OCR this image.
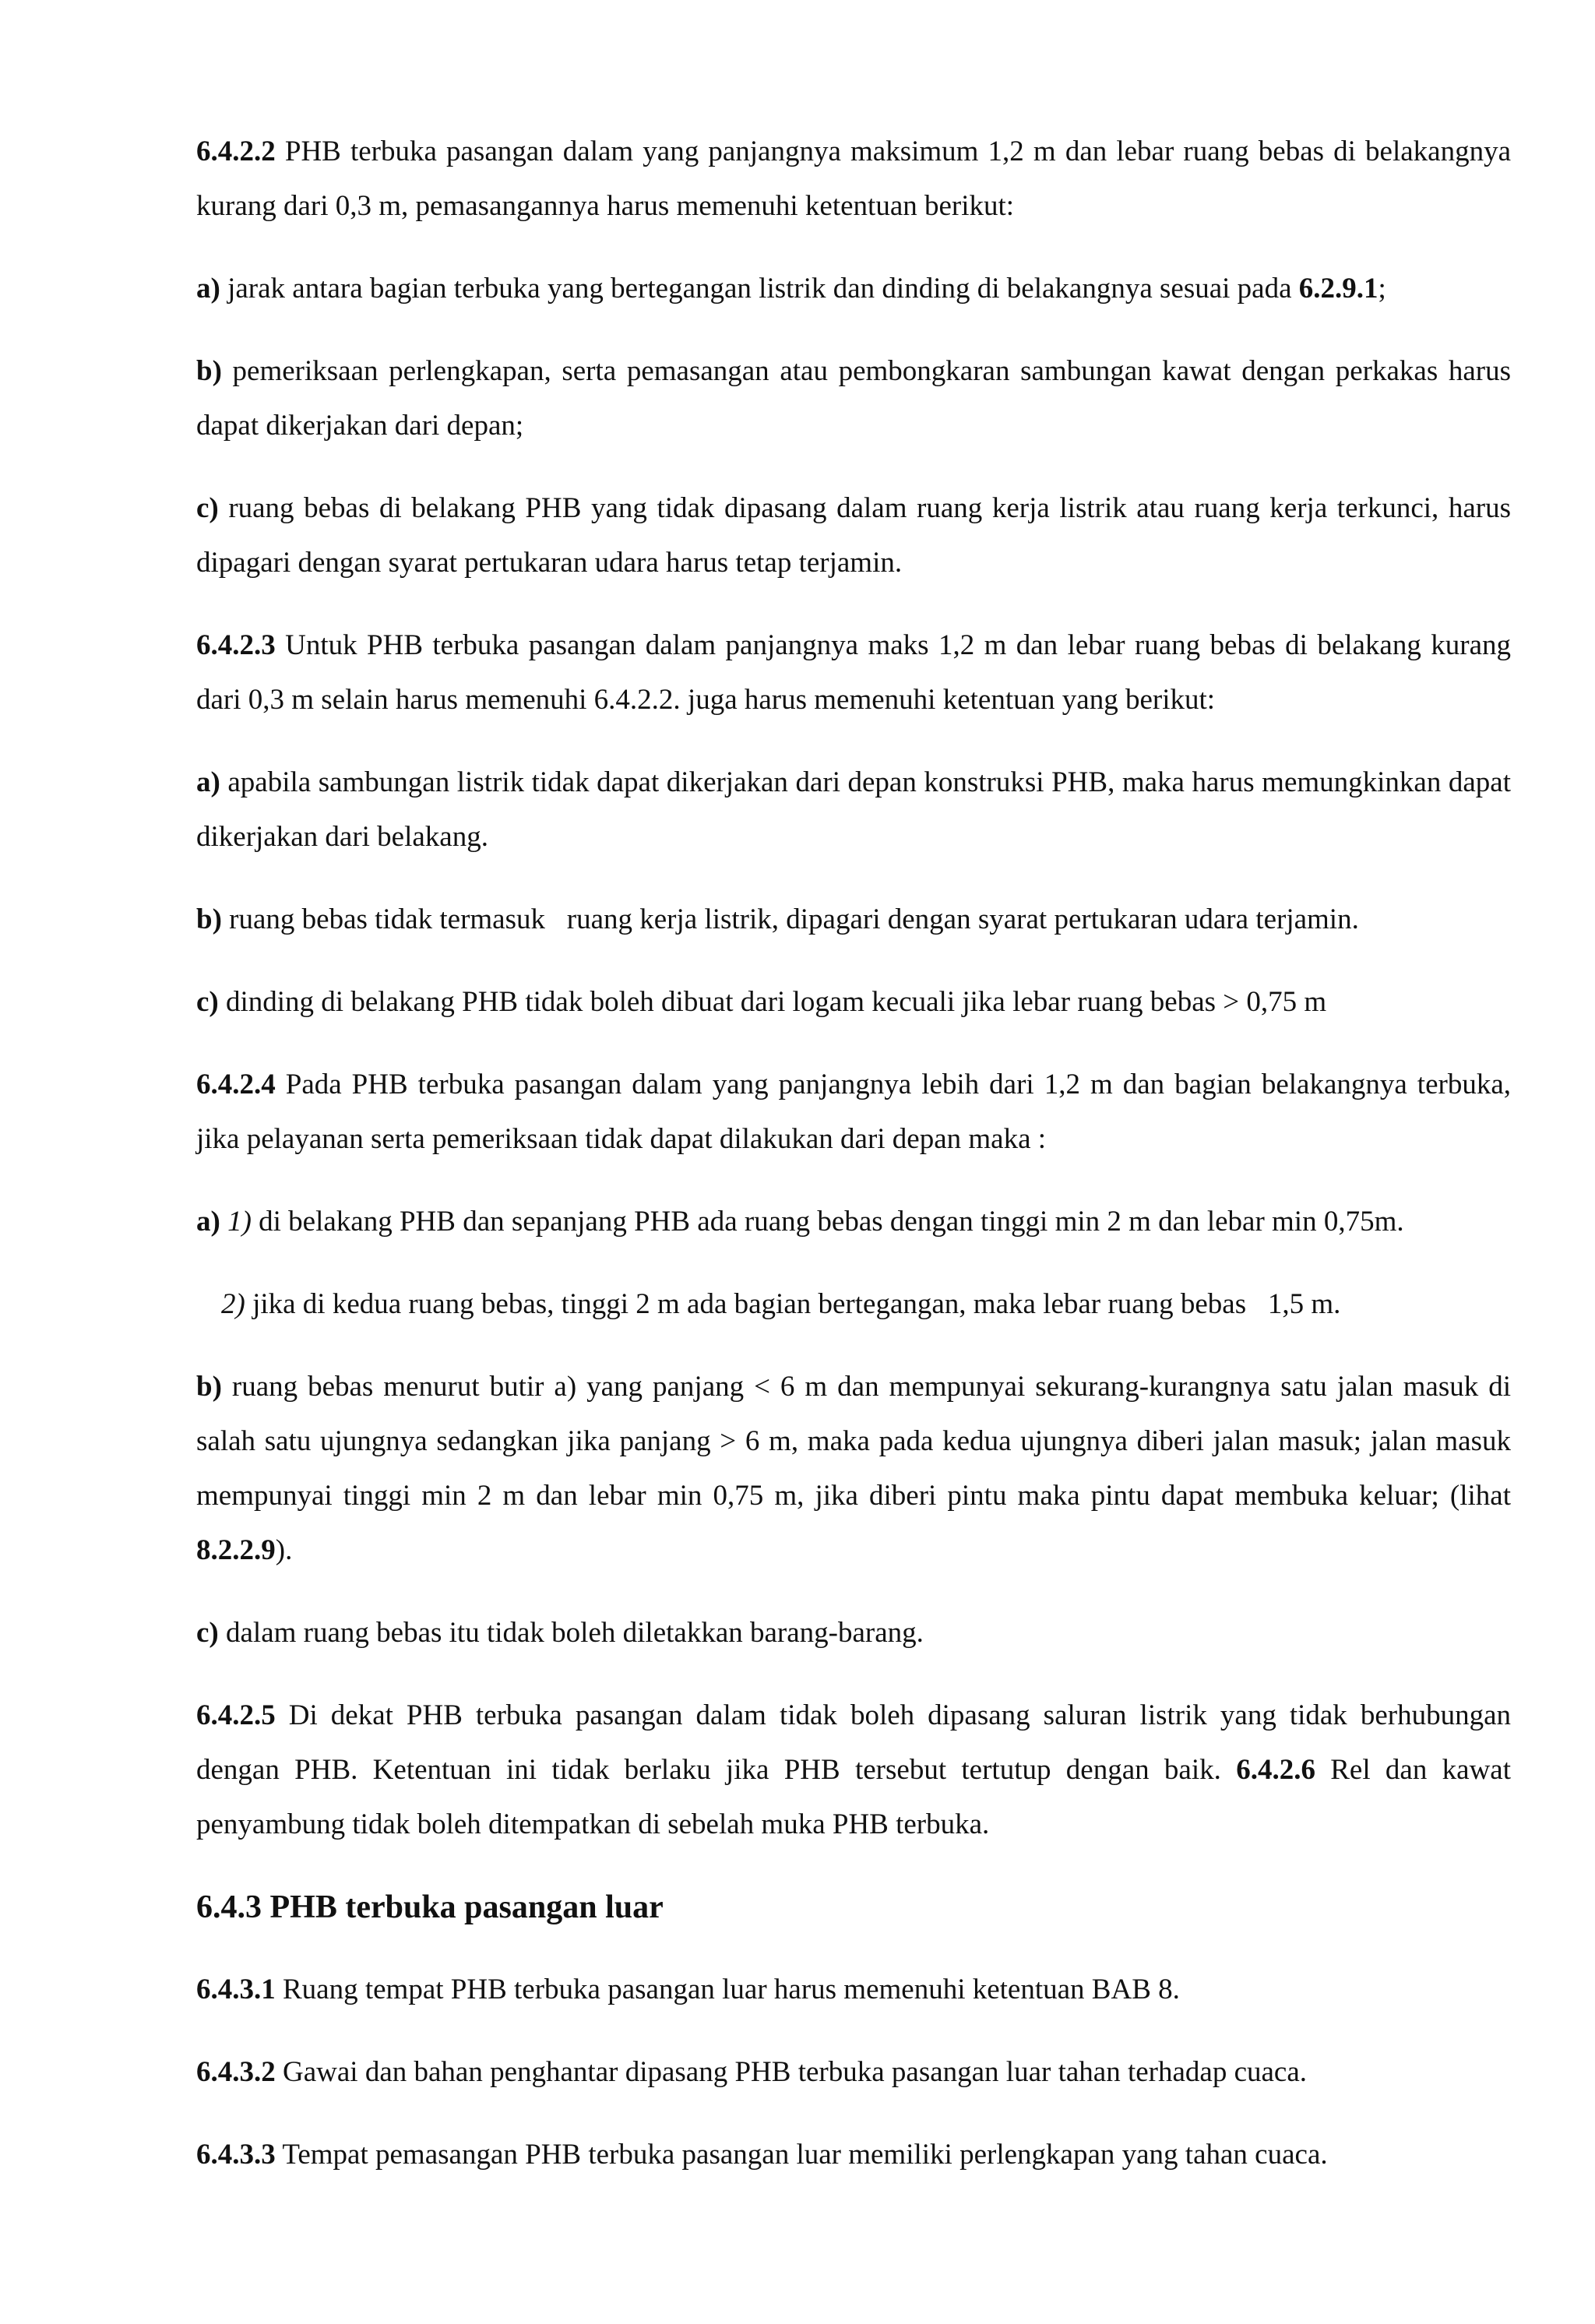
6.4.2.2 PHB terbuka pasangan dalam yang panjangnya maksimum 1,2 m dan lebar ruang bebas di belakangnya kurang dari 0,3 m, pemasangannya harus memenuhi ketentuan berikut:

a) jarak antara bagian terbuka yang bertegangan listrik dan dinding di belakangnya sesuai pada 6.2.9.1;

b) pemeriksaan perlengkapan, serta pemasangan atau pembongkaran sambungan kawat dengan perkakas harus dapat dikerjakan dari depan;

c) ruang bebas di belakang PHB yang tidak dipasang dalam ruang kerja listrik atau ruang kerja terkunci, harus dipagari dengan syarat pertukaran udara harus tetap terjamin.

6.4.2.3 Untuk PHB terbuka pasangan dalam panjangnya maks 1,2 m dan lebar ruang bebas di belakang kurang dari 0,3 m selain harus memenuhi 6.4.2.2. juga harus memenuhi ketentuan yang berikut:

a) apabila sambungan listrik tidak dapat dikerjakan dari depan konstruksi PHB, maka harus memungkinkan dapat dikerjakan dari belakang.

b) ruang bebas tidak termasuk   ruang kerja listrik, dipagari dengan syarat pertukaran udara terjamin.

c) dinding di belakang PHB tidak boleh dibuat dari logam kecuali jika lebar ruang bebas > 0,75 m

6.4.2.4 Pada PHB terbuka pasangan dalam yang panjangnya lebih dari 1,2 m dan bagian belakangnya terbuka, jika pelayanan serta pemeriksaan tidak dapat dilakukan dari depan maka :

a) 1) di belakang PHB dan sepanjang PHB ada ruang bebas dengan tinggi min 2 m dan lebar min 0,75m.

2) jika di kedua ruang bebas, tinggi 2 m ada bagian bertegangan, maka lebar ruang bebas   1,5 m.

b) ruang bebas menurut butir a) yang panjang < 6 m dan mempunyai sekurang-kurangnya satu jalan masuk di salah satu ujungnya sedangkan jika panjang > 6 m, maka pada kedua ujungnya diberi jalan masuk; jalan masuk mempunyai tinggi min 2 m dan lebar min 0,75 m, jika diberi pintu maka pintu dapat membuka keluar; (lihat 8.2.2.9).

c) dalam ruang bebas itu tidak boleh diletakkan barang-barang.

6.4.2.5 Di dekat PHB terbuka pasangan dalam tidak boleh dipasang saluran listrik yang tidak berhubungan dengan PHB. Ketentuan ini tidak berlaku jika PHB tersebut tertutup dengan baik. 6.4.2.6 Rel dan kawat penyambung tidak boleh ditempatkan di sebelah muka PHB terbuka.

6.4.3 PHB terbuka pasangan luar

6.4.3.1 Ruang tempat PHB terbuka pasangan luar harus memenuhi ketentuan BAB 8.

6.4.3.2 Gawai dan bahan penghantar dipasang PHB terbuka pasangan luar tahan terhadap cuaca.

6.4.3.3 Tempat pemasangan PHB terbuka pasangan luar memiliki perlengkapan yang tahan cuaca.
